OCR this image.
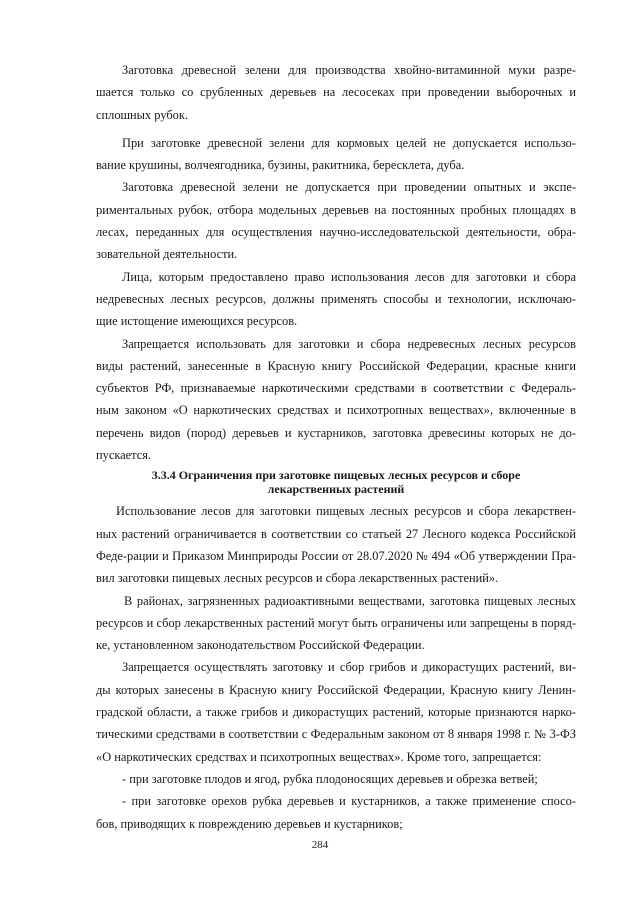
Заготовка древесной зелени для производства хвойно-витаминной муки разре-
шается только со срубленных деревьев на лесосеках при проведении выборочных и
сплошных рубок.
При заготовке древесной зелени для кормовых целей не допускается использо-
вание крушины, волчеягодника, бузины, ракитника, бересклета, дуба.
Заготовка древесной зелени не допускается при проведении опытных и экспе-
риментальных рубок, отбора модельных деревьев на постоянных пробных площадях в
лесах, переданных для осуществления научно-исследовательской деятельности, обра-
зовательной деятельности.
Лица, которым предоставлено право использования лесов для заготовки и сбора
недревесных лесных ресурсов, должны применять способы и технологии, исключаю-
щие истощение имеющихся ресурсов.
Запрещается использовать для заготовки и сбора недревесных лесных ресурсов
виды растений, занесенные в Красную книгу Российской Федерации, красные книги
субъектов РФ, признаваемые наркотическими средствами в соответствии с Федераль-
ным законом «О наркотических средствах и психотропных веществах», включенные в
перечень видов (пород) деревьев и кустарников, заготовка древесины которых не до-
пускается.
3.3.4 Ограничения при заготовке пищевых лесных ресурсов и сборе
лекарственных растений
Использование лесов для заготовки пищевых лесных ресурсов и сбора лекарствен-
ных растений ограничивается в соответствии со статьей 27 Лесного кодекса Российской
Феде-рации и Приказом Минприроды России от 28.07.2020 № 494 «Об утверждении Пра-
вил заготовки пищевых лесных ресурсов и сбора лекарственных растений».
В районах, загрязненных радиоактивными веществами, заготовка пищевых лесных
ресурсов и сбор лекарственных растений могут быть ограничены или запрещены в поряд-
ке, установленном законодательством Российской Федерации.
Запрещается осуществлять заготовку и сбор грибов и дикорастущих растений, ви-
ды которых занесены в Красную книгу Российской Федерации, Красную книгу Ленин-
градской области, а также грибов и дикорастущих растений, которые признаются нарко-
тическими средствами в соответствии с Федеральным законом от 8 января 1998 г. № 3-ФЗ
«О наркотических средствах и психотропных веществах». Кроме того, запрещается:
- при заготовке плодов и ягод, рубка плодоносящих деревьев и обрезка ветвей;
- при заготовке орехов рубка деревьев и кустарников, а также применение спосо-
бов, приводящих к повреждению деревьев и кустарников;
284
